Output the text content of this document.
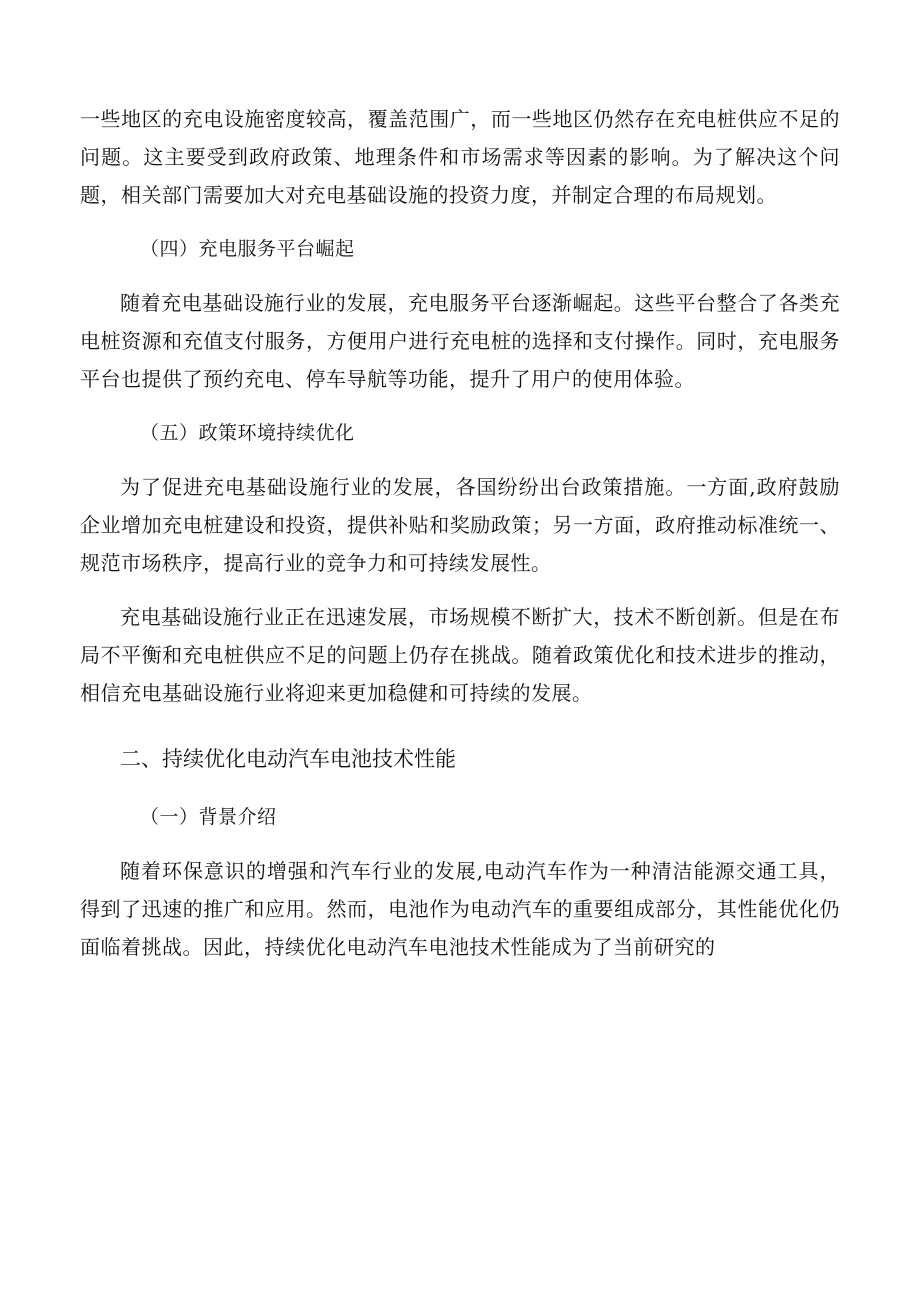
一些地区的充电设施密度较高，覆盖范围广，而一些地区仍然存在充电桩供应不足的问题。这主要受到政府政策、地理条件和市场需求等因素的影响。为了解决这个问题，相关部门需要加大对充电基础设施的投资力度，并制定合理的布局规划。

（四）充电服务平台崛起

随着充电基础设施行业的发展，充电服务平台逐渐崛起。这些平台整合了各类充电桩资源和充值支付服务，方便用户进行充电桩的选择和支付操作。同时，充电服务平台也提供了预约充电、停车导航等功能，提升了用户的使用体验。

（五）政策环境持续优化

为了促进充电基础设施行业的发展，各国纷纷出台政策措施。一方面,政府鼓励企业增加充电桩建设和投资，提供补贴和奖励政策；另一方面，政府推动标准统一、规范市场秩序，提高行业的竞争力和可持续发展性。

充电基础设施行业正在迅速发展，市场规模不断扩大，技术不断创新。但是在布局不平衡和充电桩供应不足的问题上仍存在挑战。随着政策优化和技术进步的推动，相信充电基础设施行业将迎来更加稳健和可持续的发展。

二、持续优化电动汽车电池技术性能

（一）背景介绍

随着环保意识的增强和汽车行业的发展,电动汽车作为一种清洁能源交通工具，得到了迅速的推广和应用。然而，电池作为电动汽车的重要组成部分，其性能优化仍面临着挑战。因此，持续优化电动汽车电池技术性能成为了当前研究的
